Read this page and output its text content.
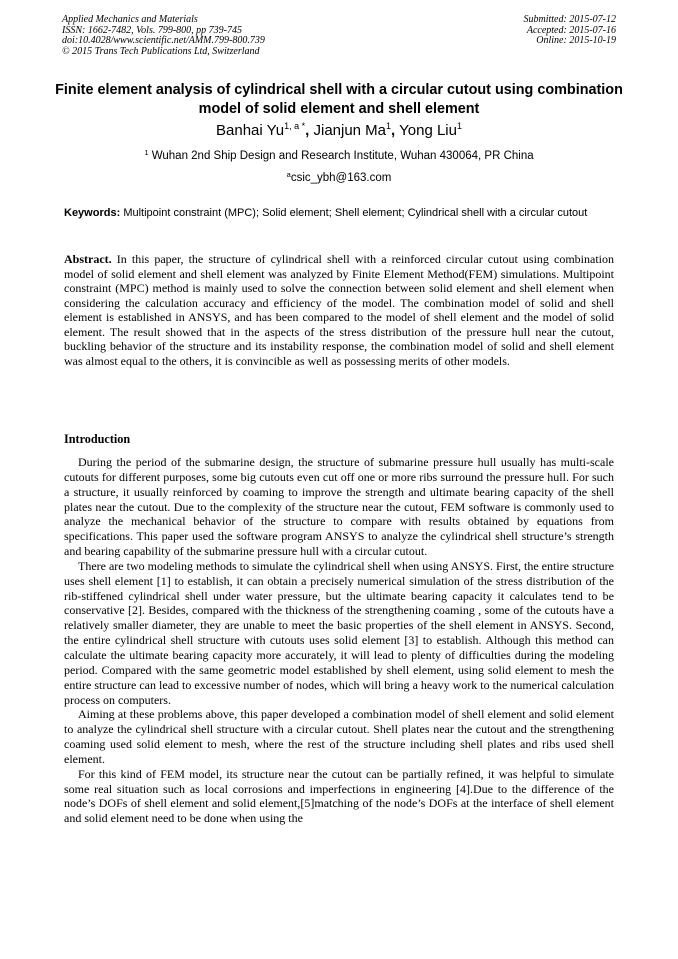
Applied Mechanics and Materials
ISSN: 1662-7482, Vols. 799-800, pp 739-745
doi:10.4028/www.scientific.net/AMM.799-800.739
© 2015 Trans Tech Publications Ltd, Switzerland
Submitted: 2015-07-12
Accepted: 2015-07-16
Online: 2015-10-19
Finite element analysis of cylindrical shell with a circular cutout using combination model of solid element and shell element
Banhai $Yu^{1, a *}$, Jianjun Ma$^1$, Yong Liu$^1$
$^1$ Wuhan 2nd Ship Design and Research Institute, Wuhan 430064, PR China
$^a$csic_ybh@163.com
Keywords: Multipoint constraint (MPC); Solid element; Shell element; Cylindrical shell with a circular cutout
Abstract. In this paper, the structure of cylindrical shell with a reinforced circular cutout using combination model of solid element and shell element was analyzed by Finite Element Method(FEM) simulations. Multipoint constraint (MPC) method is mainly used to solve the connection between solid element and shell element when considering the calculation accuracy and efficiency of the model. The combination model of solid and shell element is established in ANSYS, and has been compared to the model of shell element and the model of solid element. The result showed that in the aspects of the stress distribution of the pressure hull near the cutout, buckling behavior of the structure and its instability response, the combination model of solid and shell element was almost equal to the others, it is convincible as well as possessing merits of other models.
Introduction

During the period of the submarine design, the structure of submarine pressure hull usually has multi-scale cutouts for different purposes, some big cutouts even cut off one or more ribs surround the pressure hull. For such a structure, it usually reinforced by coaming to improve the strength and ultimate bearing capacity of the shell plates near the cutout. Due to the complexity of the structure near the cutout, FEM software is commonly used to analyze the mechanical behavior of the structure to compare with results obtained by equations from specifications. This paper used the software program ANSYS to analyze the cylindrical shell structure’s strength and bearing capability of the submarine pressure hull with a circular cutout.

There are two modeling methods to simulate the cylindrical shell when using ANSYS. First, the entire structure uses shell element [1] to establish, it can obtain a precisely numerical simulation of the stress distribution of the rib-stiffened cylindrical shell under water pressure, but the ultimate bearing capacity it calculates tend to be conservative [2]. Besides, compared with the thickness of the strengthening coaming , some of the cutouts have a relatively smaller diameter, they are unable to meet the basic properties of the shell element in ANSYS. Second, the entire cylindrical shell structure with cutouts uses solid element [3] to establish. Although this method can calculate the ultimate bearing capacity more accurately, it will lead to plenty of difficulties during the modeling period. Compared with the same geometric model established by shell element, using solid element to mesh the entire structure can lead to excessive number of nodes, which will bring a heavy work to the numerical calculation process on computers.

Aiming at these problems above, this paper developed a combination model of shell element and solid element to analyze the cylindrical shell structure with a circular cutout. Shell plates near the cutout and the strengthening coaming used solid element to mesh, where the rest of the structure including shell plates and ribs used shell element.

For this kind of FEM model, its structure near the cutout can be partially refined, it was helpful to simulate some real situation such as local corrosions and imperfections in engineering [4].Due to the difference of the node’s DOFs of shell element and solid element,[5]matching of the node’s DOFs at the interface of shell element and solid element need to be done when using the
